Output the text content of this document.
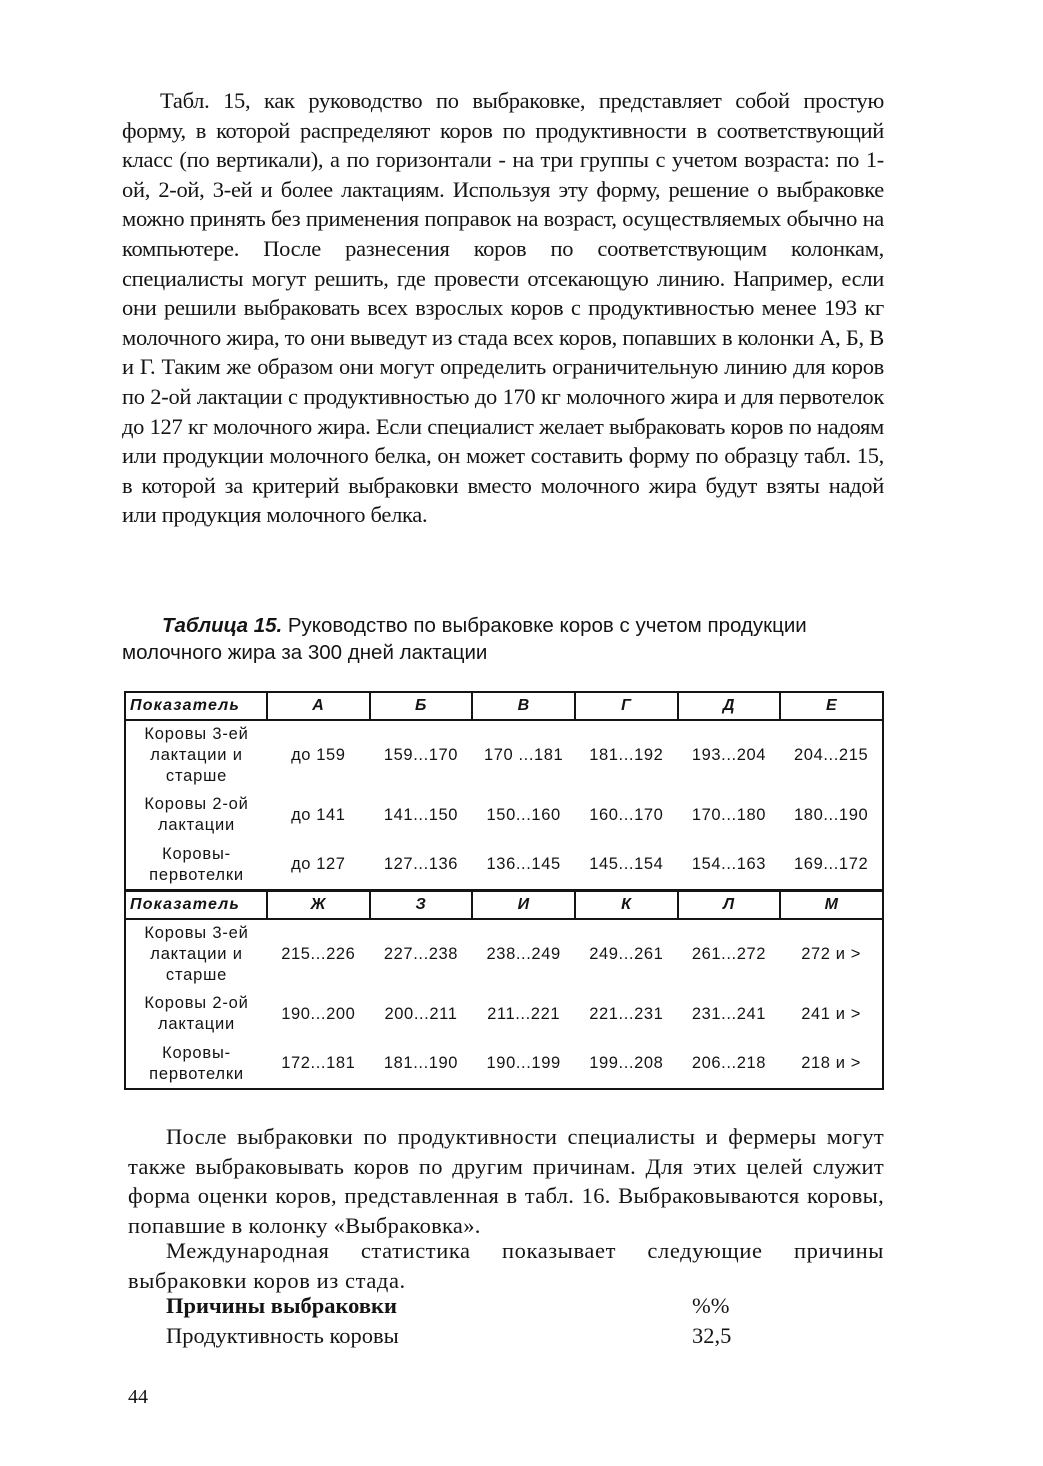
Табл. 15, как руководство по выбраковке, представляет собой простую форму, в которой распределяют коров по продуктивности в соответствующий класс (по вертикали), а по горизонтали - на три группы с учетом возраста: по 1-ой, 2-ой, 3-ей и более лактациям. Используя эту форму, решение о выбраковке можно принять без применения поправок на возраст, осуществляемых обычно на компьютере. После разнесения коров по соответствующим колонкам, специалисты могут решить, где провести отсекающую линию. Например, если они решили выбраковать всех взрослых коров с продуктивностью менее 193 кг молочного жира, то они выведут из стада всех коров, попавших в колонки А, Б, В и Г. Таким же образом они могут определить ограничительную линию для коров по 2-ой лактации с продуктивностью до 170 кг молочного жира и для первотелок до 127 кг молочного жира. Если специалист желает выбраковать коров по надоям или продукции молочного белка, он может составить форму по образцу табл. 15, в которой за критерий выбраковки вместо молочного жира будут взяты надой или продукция молочного белка.

Таблица 15. Руководство по выбраковке коров с учетом продукции молочного жира за 300 дней лактации

Показатель	А	Б	В	Г	Д	Е
Коровы 3-ей лактации и старше	до 159	159...170	170 ...181	181...192	193...204	204...215
Коровы 2-ой лактации	до 141	141...150	150...160	160...170	170...180	180...190
Коровы-первотелки	до 127	127...136	136...145	145...154	154...163	169...172
Показатель	Ж	З	И	К	Л	М
Коровы 3-ей лактации и старше	215...226	227...238	238...249	249...261	261...272	272 и >
Коровы 2-ой лактации	190...200	200...211	211...221	221...231	231...241	241 и >
Коровы-первотелки	172...181	181...190	190...199	199...208	206...218	218 и >

После выбраковки по продуктивности специалисты и фермеры могут также выбраковывать коров по другим причинам. Для этих целей служит форма оценки коров, представленная в табл. 16. Выбраковываются коровы, попавшие в колонку «Выбраковка».

Международная статистика показывает следующие причины выбраковки коров из стада.

Причины выбраковки	%%
Продуктивность коровы	32,5
44
